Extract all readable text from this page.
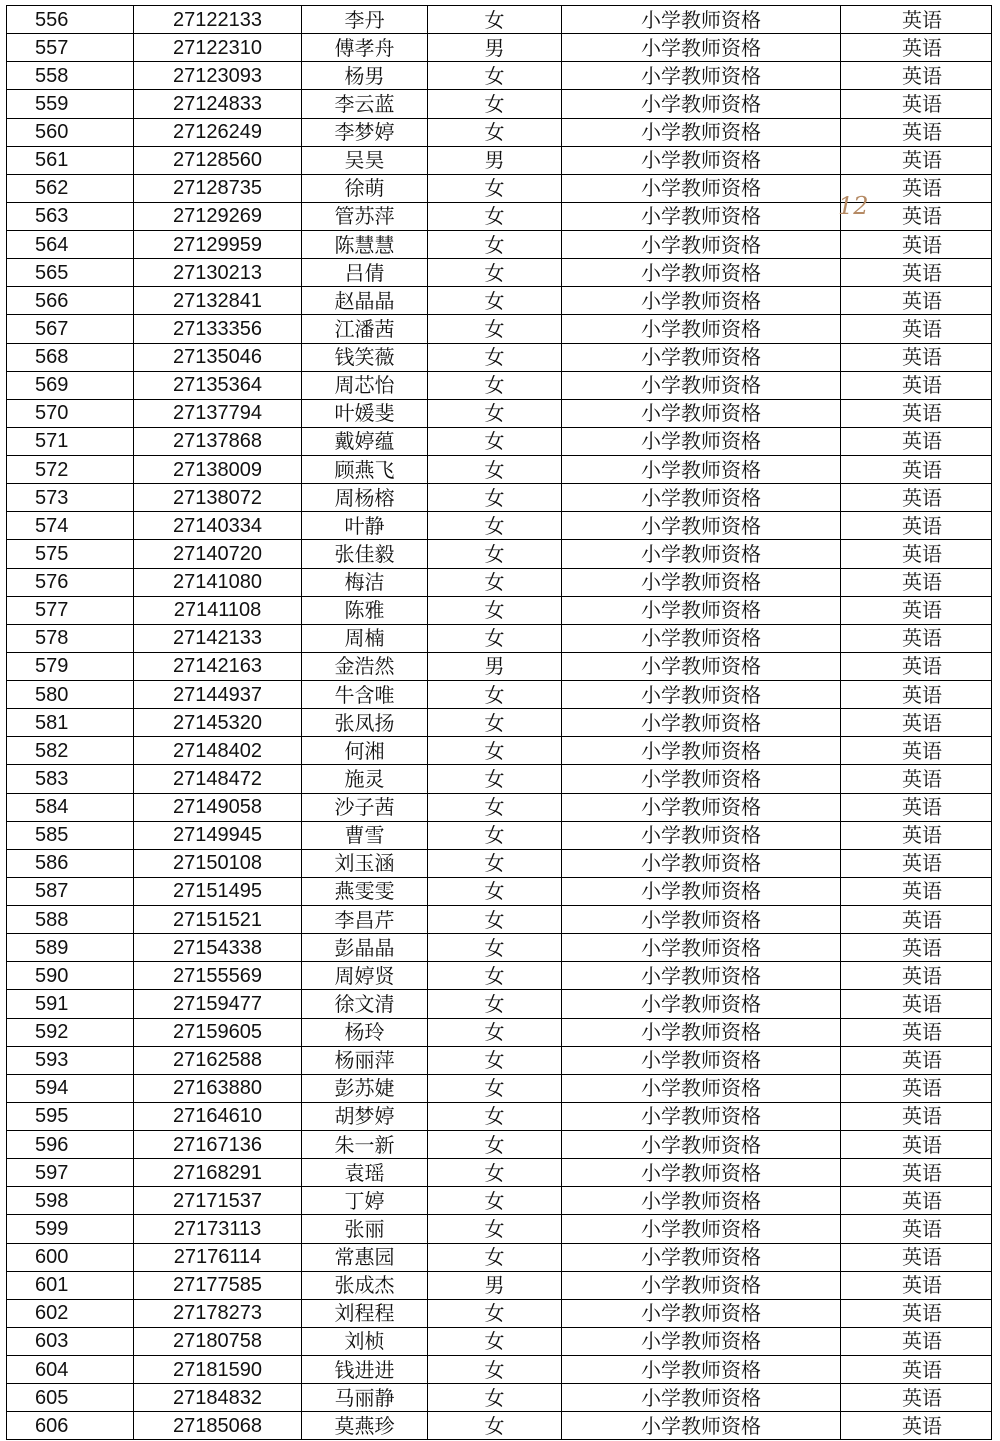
556	27122133	李丹	女	小学教师资格	英语
557	27122310	傅孝舟	男	小学教师资格	英语
558	27123093	杨男	女	小学教师资格	英语
559	27124833	李云蓝	女	小学教师资格	英语
560	27126249	李梦婷	女	小学教师资格	英语
561	27128560	吴昊	男	小学教师资格	英语
562	27128735	徐萌	女	小学教师资格	英语
563	27129269	管苏萍	女	小学教师资格	英语
564	27129959	陈慧慧	女	小学教师资格	英语
565	27130213	吕倩	女	小学教师资格	英语
566	27132841	赵晶晶	女	小学教师资格	英语
567	27133356	江潘茜	女	小学教师资格	英语
568	27135046	钱笑薇	女	小学教师资格	英语
569	27135364	周芯怡	女	小学教师资格	英语
570	27137794	叶媛斐	女	小学教师资格	英语
571	27137868	戴婷蕴	女	小学教师资格	英语
572	27138009	顾燕飞	女	小学教师资格	英语
573	27138072	周杨榕	女	小学教师资格	英语
574	27140334	叶静	女	小学教师资格	英语
575	27140720	张佳毅	女	小学教师资格	英语
576	27141080	梅洁	女	小学教师资格	英语
577	27141108	陈雅	女	小学教师资格	英语
578	27142133	周楠	女	小学教师资格	英语
579	27142163	金浩然	男	小学教师资格	英语
580	27144937	牛含唯	女	小学教师资格	英语
581	27145320	张凤扬	女	小学教师资格	英语
582	27148402	何湘	女	小学教师资格	英语
583	27148472	施灵	女	小学教师资格	英语
584	27149058	沙子茜	女	小学教师资格	英语
585	27149945	曹雪	女	小学教师资格	英语
586	27150108	刘玉涵	女	小学教师资格	英语
587	27151495	燕雯雯	女	小学教师资格	英语
588	27151521	李昌芹	女	小学教师资格	英语
589	27154338	彭晶晶	女	小学教师资格	英语
590	27155569	周婷贤	女	小学教师资格	英语
591	27159477	徐文清	女	小学教师资格	英语
592	27159605	杨玲	女	小学教师资格	英语
593	27162588	杨丽萍	女	小学教师资格	英语
594	27163880	彭苏婕	女	小学教师资格	英语
595	27164610	胡梦婷	女	小学教师资格	英语
596	27167136	朱一新	女	小学教师资格	英语
597	27168291	袁瑶	女	小学教师资格	英语
598	27171537	丁婷	女	小学教师资格	英语
599	27173113	张丽	女	小学教师资格	英语
600	27176114	常惠园	女	小学教师资格	英语
601	27177585	张成杰	男	小学教师资格	英语
602	27178273	刘程程	女	小学教师资格	英语
603	27180758	刘桢	女	小学教师资格	英语
604	27181590	钱进进	女	小学教师资格	英语
605	27184832	马丽静	女	小学教师资格	英语
606	27185068	莫燕珍	女	小学教师资格	英语
12
